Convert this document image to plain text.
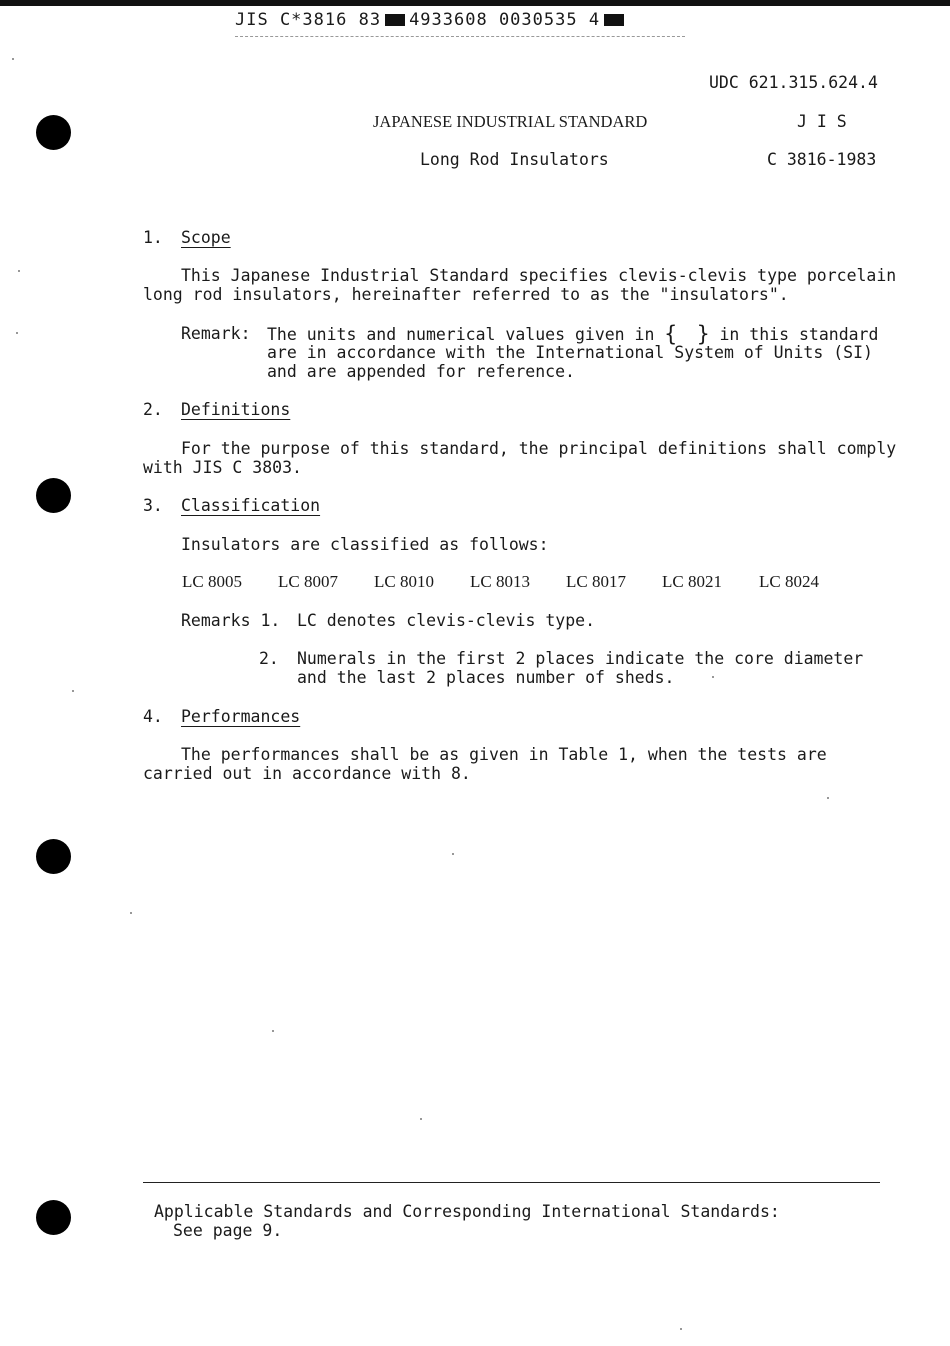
JIS C*3816 83 4933608 0030535 4
UDC 621.315.624.4
JAPANESE INDUSTRIAL STANDARD	J I S
Long Rod Insulators	C 3816-1983
1. Scope
This Japanese Industrial Standard specifies clevis-clevis type porcelain
long rod insulators, hereinafter referred to as the "insulators".
Remark: The units and numerical values given in { } in this standard
are in accordance with the International System of Units (SI)
and are appended for reference.
2. Definitions
For the purpose of this standard, the principal definitions shall comply
with JIS C 3803.
3. Classification
Insulators are classified as follows:
LC 8005 LC 8007 LC 8010 LC 8013 LC 8017 LC 8021 LC 8024
Remarks 1. LC denotes clevis-clevis type.
2. Numerals in the first 2 places indicate the core diameter
and the last 2 places number of sheds.
4. Performances
The performances shall be as given in Table 1, when the tests are
carried out in accordance with 8.
Applicable Standards and Corresponding International Standards:
See page 9.
